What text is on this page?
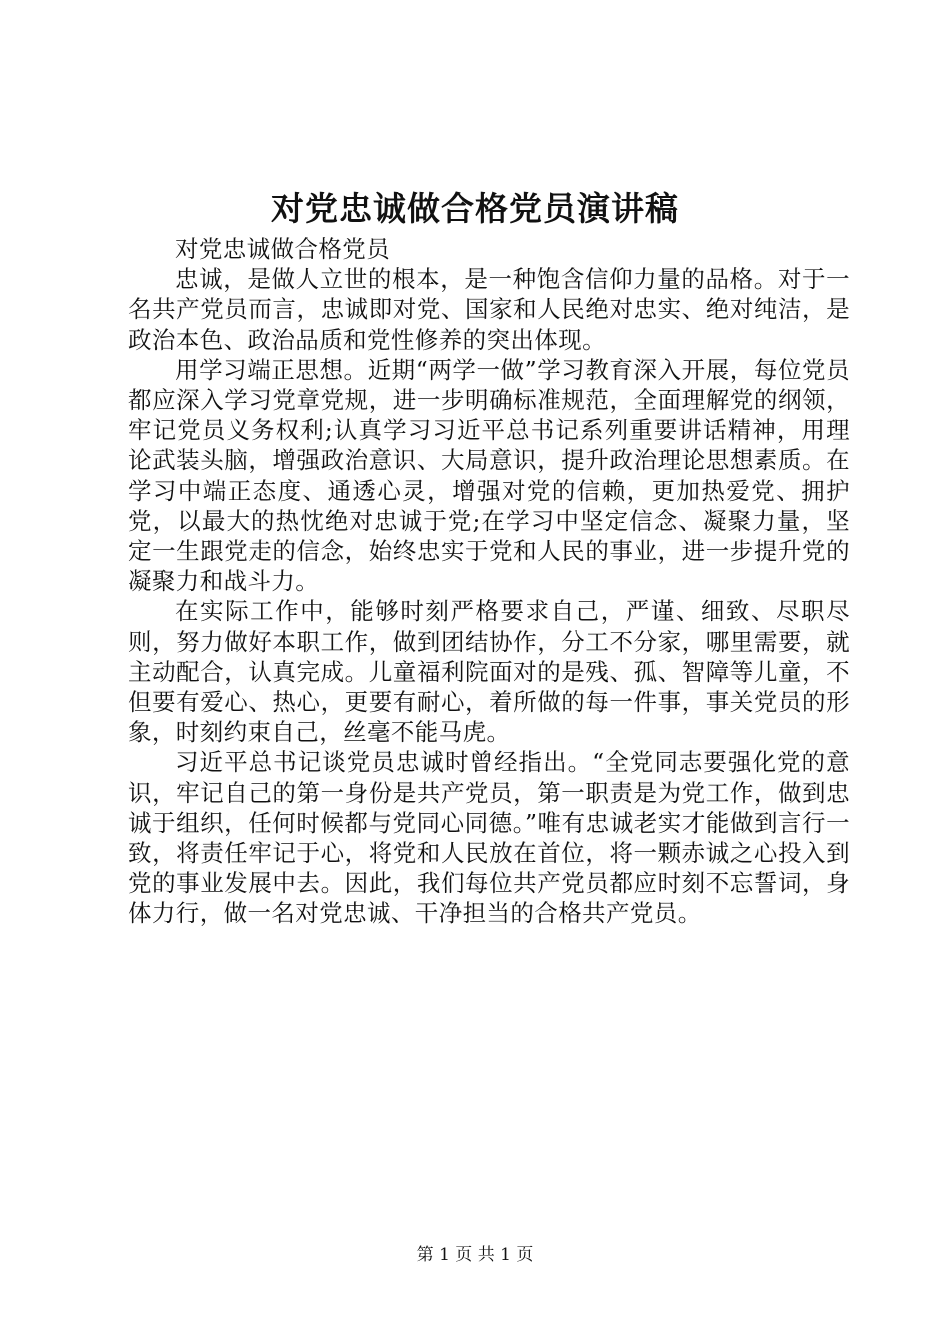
对党忠诚做合格党员演讲稿

对党忠诚做合格党员

忠诚，是做人立世的根本，是一种饱含信仰力量的品格。对于一名共产党员而言，忠诚即对党、国家和人民绝对忠实、绝对纯洁，是政治本色、政治品质和党性修养的突出体现。

用学习端正思想。近期“两学一做”学习教育深入开展，每位党员都应深入学习党章党规，进一步明确标准规范，全面理解党的纲领，牢记党员义务权利;认真学习习近平总书记系列重要讲话精神，用理论武装头脑，增强政治意识、大局意识，提升政治理论思想素质。在学习中端正态度、通透心灵，增强对党的信赖，更加热爱党、拥护党，以最大的热忱绝对忠诚于党;在学习中坚定信念、凝聚力量，坚定一生跟党走的信念，始终忠实于党和人民的事业，进一步提升党的凝聚力和战斗力。

在实际工作中，能够时刻严格要求自己，严谨、细致、尽职尽则，努力做好本职工作，做到团结协作，分工不分家，哪里需要，就主动配合，认真完成。儿童福利院面对的是残、孤、智障等儿童，不但要有爱心、热心，更要有耐心，着所做的每一件事，事关党员的形象，时刻约束自己，丝毫不能马虎。

习近平总书记谈党员忠诚时曾经指出。“全党同志要强化党的意识，牢记自己的第一身份是共产党员，第一职责是为党工作，做到忠诚于组织，任何时候都与党同心同德。”唯有忠诚老实才能做到言行一致，将责任牢记于心，将党和人民放在首位，将一颗赤诚之心投入到党的事业发展中去。因此，我们每位共产党员都应时刻不忘誓词，身体力行，做一名对党忠诚、干净担当的合格共产党员。

第 1 页 共 1 页
